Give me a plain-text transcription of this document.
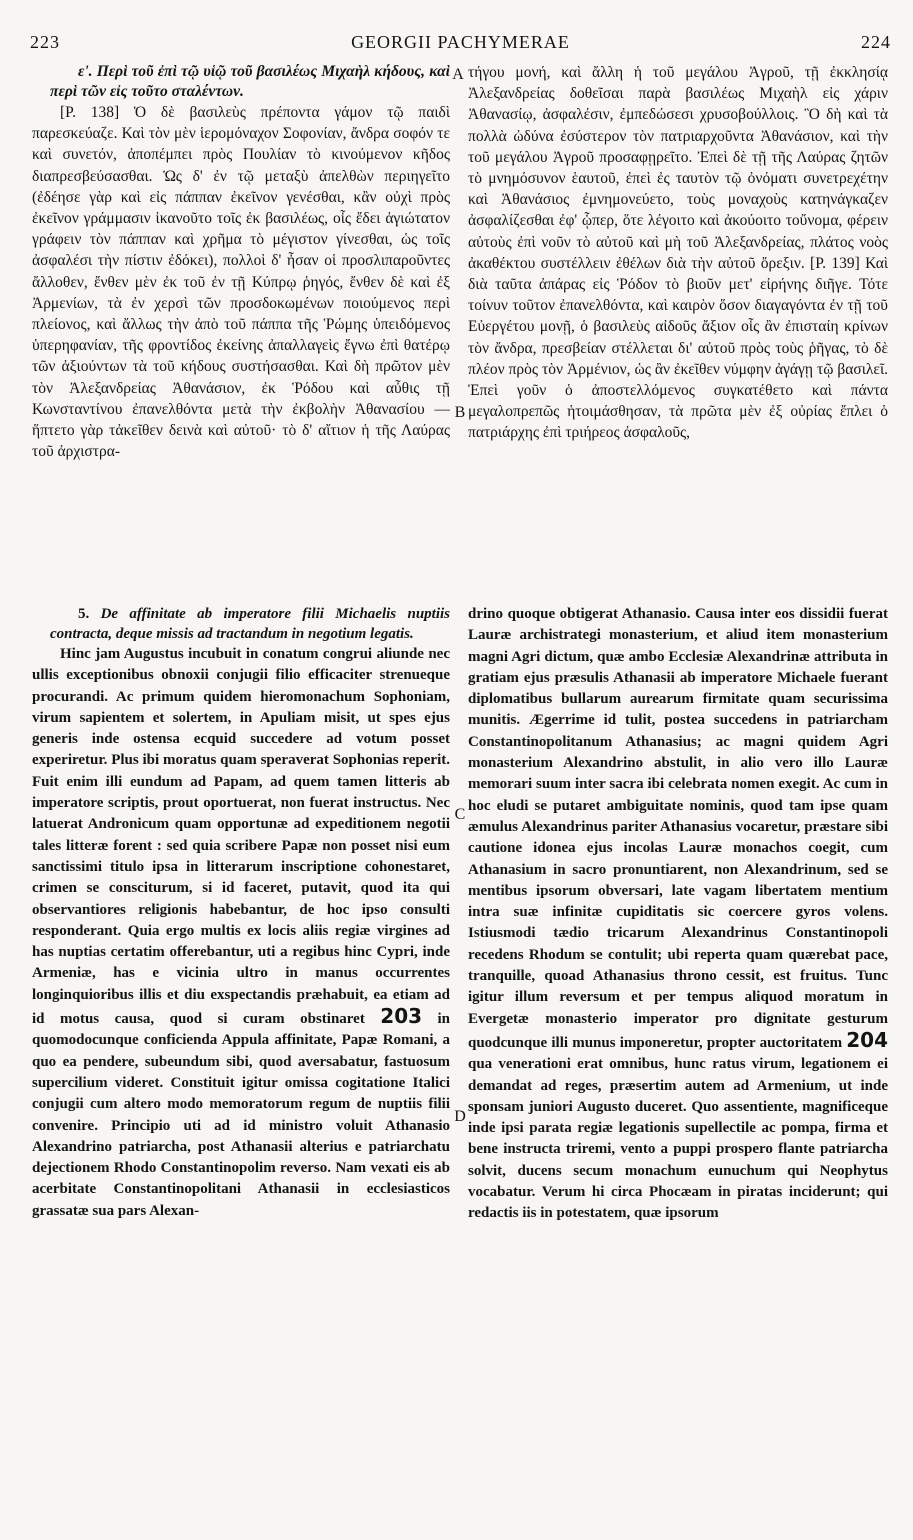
223	GEORGII PACHYMERAE	224
A
B
C
D

ε'. Περὶ τοῦ ἐπὶ τῷ υἱῷ τοῦ βασιλέως Μιχαὴλ κήδους, καὶ περὶ τῶν εἰς τοῦτο σταλέντων.

[P. 138] Ὁ δὲ βασιλεὺς πρέποντα γάμον τῷ παιδὶ παρεσκεύαζε. Καὶ τὸν μὲν ἱερομόναχον Σοφονίαν, ἄνδρα σοφόν τε καὶ συνετόν, ἀποπέμπει πρὸς Πουλίαν τὸ κινούμενον κῆδος διαπρεσβεύσασθαι. Ὡς δ' ἐν τῷ μεταξὺ ἀπελθὼν περιηγεῖτο (ἐδέησε γὰρ καὶ εἰς πάππαν ἐκεῖνον γενέσθαι, κἂν οὐχὶ πρὸς ἐκεῖνον γράμμασιν ἱκανοῦτο τοῖς ἐκ βασιλέως, οἷς ἔδει ἀγιώτατον γράφειν τὸν πάππαν καὶ χρῆμα τὸ μέγιστον γίνεσθαι, ὡς τοῖς ἀσφαλέσι τὴν πίστιν ἐδόκει), πολλοὶ δ' ἦσαν οἱ προσλιπαροῦντες ἄλλοθεν, ἔνθεν μὲν ἐκ τοῦ ἐν τῇ Κύπρῳ ῥηγός, ἔνθεν δὲ καὶ ἐξ Ἀρμενίων, τὰ ἐν χερσὶ τῶν προσδοκωμένων ποιούμενος περὶ πλείονος, καὶ ἄλλως τὴν ἀπὸ τοῦ πάππα τῆς Ῥώμης ὑπειδόμενος ὑπερηφανίαν, τῆς φροντίδος ἐκείνης ἀπαλλαγεὶς ἔγνω ἐπὶ θατέρῳ τῶν ἀξιούντων τὰ τοῦ κήδους συστήσασθαι. Καὶ δὴ πρῶτον μὲν τὸν Ἀλεξανδρείας Ἀθανάσιον, ἐκ Ῥόδου καὶ αὖθις τῇ Κωνσταντίνου ἐπανελθόντα μετὰ τὴν ἐκβολὴν Ἀθανασίου — ἥπτετο γὰρ τἀκεῖθεν δεινὰ καὶ αὐτοῦ· τὸ δ' αἴτιον ἡ τῆς Λαύρας τοῦ ἀρχιστρα-

τήγου μονή, καὶ ἄλλη ἡ τοῦ μεγάλου Ἀγροῦ, τῇ ἐκκλησίᾳ Ἀλεξανδρείας δοθεῖσαι παρὰ βασιλέως Μιχαὴλ εἰς χάριν Ἀθανασίῳ, ἀσφαλέσιν, ἐμπεδώσεσι χρυσοβούλλοις. Ὃ δὴ καὶ τὰ πολλὰ ὠδύνα ἐσύστερον τὸν πατριαρχοῦντα Ἀθανάσιον, καὶ τὴν τοῦ μεγάλου Ἀγροῦ προσαφῃρεῖτο. Ἐπεὶ δὲ τῇ τῆς Λαύρας ζητῶν τὸ μνημόσυνον ἑαυτοῦ, ἐπεὶ ἐς ταυτὸν τῷ ὀνόματι συνετρεχέτην καὶ Ἀθανάσιος ἐμνημονεύετο, τοὺς μοναχοὺς κατηνάγκαζεν ἀσφαλίζεσθαι ἐφ' ᾧπερ, ὅτε λέγοιτο καὶ ἀκούοιτο τοὔνομα, φέρειν αὐτοὺς ἐπὶ νοῦν τὸ αὐτοῦ καὶ μὴ τοῦ Ἀλεξανδρείας, πλάτος νοὸς ἀκαθέκτου συστέλλειν ἐθέλων διὰ τὴν αὐτοῦ ὄρεξιν. [P. 139] Καὶ διὰ ταῦτα ἀπάρας εἰς Ῥόδον τὸ βιοῦν μετ' εἰρήνης διῆγε. Τότε τοίνυν τοῦτον ἐπανελθόντα, καὶ καιρὸν ὅσον διαγαγόντα ἐν τῇ τοῦ Εὐεργέτου μονῇ, ὁ βασιλεὺς αἰδοῦς ἄξιον οἷς ἂν ἐπισταίη κρίνων τὸν ἄνδρα, πρεσβείαν στέλλεται δι' αὐτοῦ πρὸς τοὺς ῥῆγας, τὸ δὲ πλέον πρὸς τὸν Ἀρμένιον, ὡς ἂν ἐκεῖθεν νύμφην ἀγάγῃ τῷ βασιλεῖ. Ἐπεὶ γοῦν ὁ ἀποστελλόμενος συγκατέθετο καὶ πάντα μεγαλοπρεπῶς ἡτοιμάσθησαν, τὰ πρῶτα μὲν ἐξ οὐρίας ἔπλει ὁ πατριάρχης ἐπὶ τριήρεος ἀσφαλοῦς,

5. De affinitate ab imperatore filii Michaelis nuptiis contracta, deque missis ad tractandum in negotium legatis.

Hinc jam Augustus incubuit in conatum congrui aliunde nec ullis exceptionibus obnoxii conjugii filio efficaciter strenueque procurandi. Ac primum quidem hieromonachum Sophoniam, virum sapientem et solertem, in Apuliam misit, ut spes ejus generis inde ostensa ecquid succedere ad votum posset experiretur. Plus ibi moratus quam speraverat Sophonias reperit. Fuit enim illi eundum ad Papam, ad quem tamen litteris ab imperatore scriptis, prout oportuerat, non fuerat instructus. Nec latuerat Andronicum quam opportunæ ad expeditionem negotii tales litteræ forent : sed quia scribere Papæ non posset nisi eum sanctissimi titulo ipsa in litterarum inscriptione cohonestaret, crimen se consciturum, si id faceret, putavit, quod ita qui observantiores religionis habebantur, de hoc ipso consulti responderant. Quia ergo multis ex locis aliis regiæ virgines ad has nuptias certatim offerebantur, uti a regibus hinc Cypri, inde Armeniæ, has e vicinia ultro in manus occurrentes longinquioribus illis et diu exspectandis præhabuit, ea etiam ad id motus causa, quod si curam obstinaret 203 in quomodocunque conficienda Appula affinitate, Papæ Romani, a quo ea pendere, subeundum sibi, quod aversabatur, fastuosum supercilium videret. Constituit igitur omissa cogitatione Italici conjugii cum altero modo memoratorum regum de nuptiis filii convenire. Principio uti ad id ministro voluit Athanasio Alexandrino patriarcha, post Athanasii alterius e patriarchatu dejectionem Rhodo Constantinopolim reverso. Nam vexati eis ab acerbitate Constantinopolitani Athanasii in ecclesiasticos grassatæ sua pars Alexan-

drino quoque obtigerat Athanasio. Causa inter eos dissidii fuerat Lauræ archistrategi monasterium, et aliud item monasterium magni Agri dictum, quæ ambo Ecclesiæ Alexandrinæ attributa in gratiam ejus præsulis Athanasii ab imperatore Michaele fuerant diplomatibus bullarum aurearum firmitate quam securissima munitis. Ægerrime id tulit, postea succedens in patriarcham Constantinopolitanum Athanasius; ac magni quidem Agri monasterium Alexandrino abstulit, in alio vero illo Lauræ memorari suum inter sacra ibi celebrata nomen exegit. Ac cum in hoc eludi se putaret ambiguitate nominis, quod tam ipse quam æmulus Alexandrinus pariter Athanasius vocaretur, præstare sibi cautione idonea ejus incolas Lauræ monachos coegit, cum Athanasium in sacro pronuntiarent, non Alexandrinum, sed se mentibus ipsorum obversari, late vagam libertatem mentium intra suæ infinitæ cupiditatis sic coercere gyros volens. Istiusmodi tædio tricarum Alexandrinus Constantinopoli recedens Rhodum se contulit; ubi reperta quam quærebat pace, tranquille, quoad Athanasius throno cessit, est fruitus. Tunc igitur illum reversum et per tempus aliquod moratum in Evergetæ monasterio imperator pro dignitate gesturum quodcunque illi munus imponeretur, propter auctoritatem 204 qua venerationi erat omnibus, hunc ratus virum, legationem ei demandat ad reges, præsertim autem ad Armenium, ut inde sponsam juniori Augusto duceret. Quo assentiente, magnificeque inde ipsi parata regiæ legationis supellectile ac pompa, firma et bene instructa triremi, vento a puppi prospero flante patriarcha solvit, ducens secum monachum eunuchum qui Neophytus vocabatur. Verum hi circa Phocæam in piratas inciderunt; qui redactis iis in potestatem, quæ ipsorum
